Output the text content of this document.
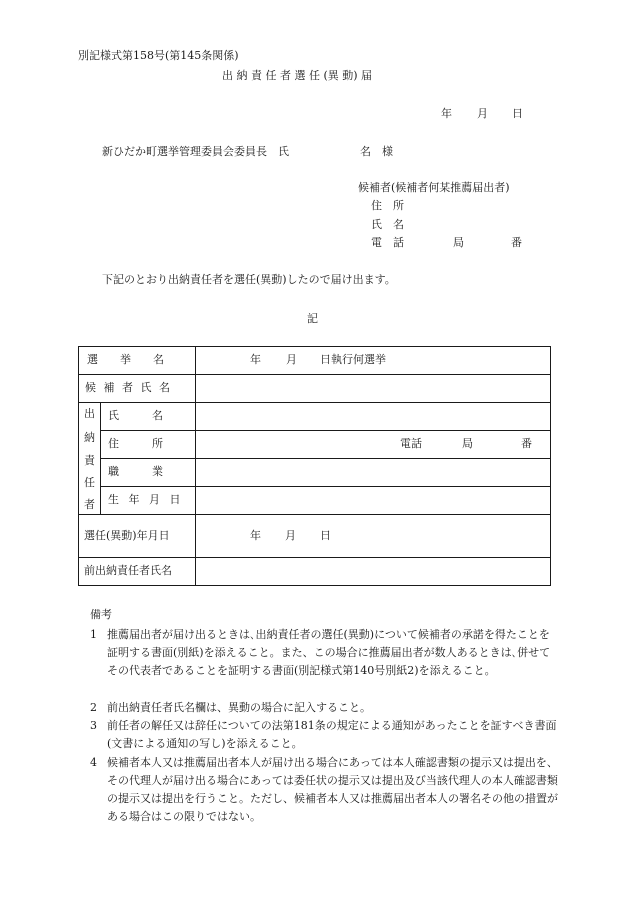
別記様式第158号(第145条関係)
出 納 責 任 者 選 任 (異 動) 届
年 月 日
新ひだか町選挙管理委員会委員長　氏	名 様
候補者(候補者何某推薦届出者)
住　所
氏　名
電　話	局	番
下記のとおり出納責任者を選任(異動)したので届け出ます。
記
選　　挙　　名	年 月 日執行何選挙
候 補 者 氏 名
出
納
責
任
者
氏　　　名
住　　　所	電話	局	番
職　　　業
生 年 月 日
選任(異動)年月日	年 月 日
前出納責任者氏名
備考
1 推薦届出者が届け出るときは､出納責任者の選任(異動)について候補者の承諾を得たことを証明する書面(別紙)を添えること。また、この場合に推薦届出者が数人あるときは､併せてその代表者であることを証明する書面(別記様式第140号別紙2)を添えること。
2 前出納責任者氏名欄は、異動の場合に記入すること。
3 前任者の解任又は辞任についての法第181条の規定による通知があったことを証すべき書面(文書による通知の写し)を添えること。
4 候補者本人又は推薦届出者本人が届け出る場合にあっては本人確認書類の提示又は提出を、その代理人が届け出る場合にあっては委任状の提示又は提出及び当該代理人の本人確認書類の提示又は提出を行うこと。ただし、候補者本人又は推薦届出者本人の署名その他の措置がある場合はこの限りではない。
